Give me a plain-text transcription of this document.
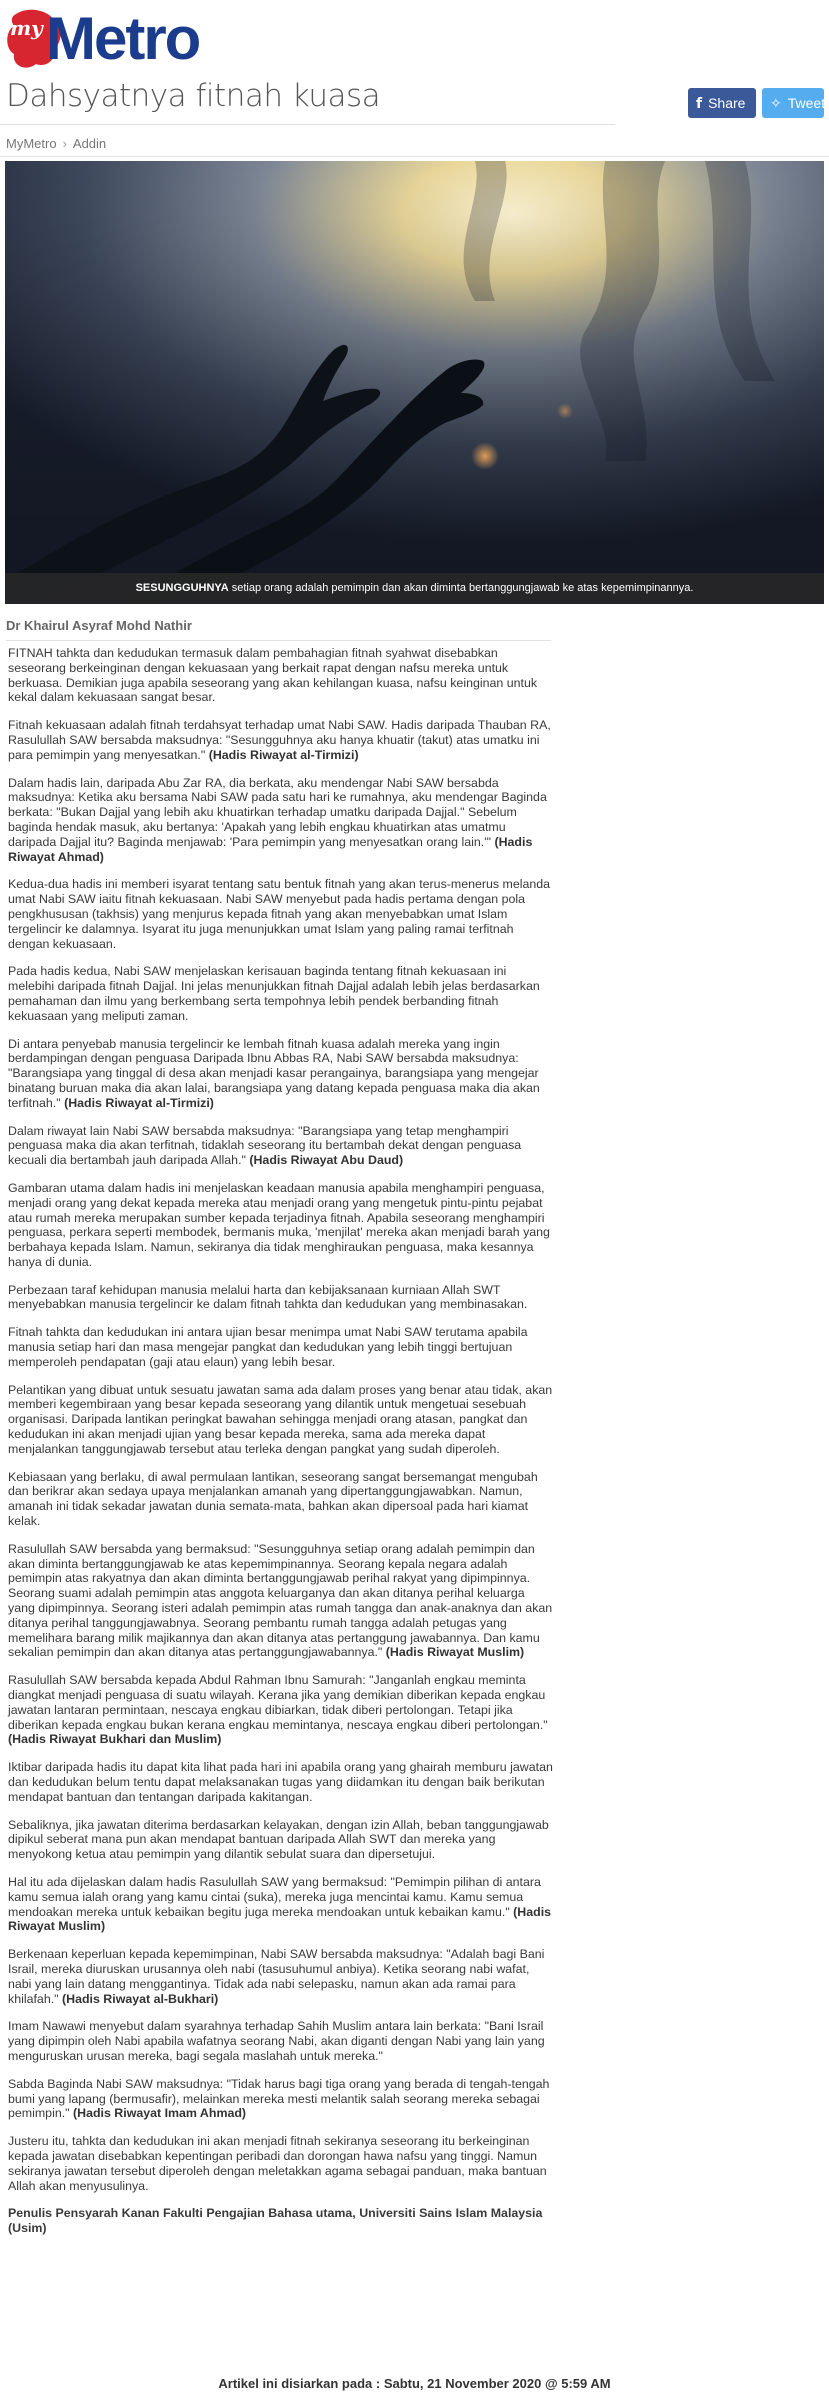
my Metro
Dahsyatnya fitnah kuasa	f Share	✧ Tweet
MyMetro › Addin
SESUNGGUHNYA setiap orang adalah pemimpin dan akan diminta bertanggungjawab ke atas kepemimpinannya.
Dr Khairul Asyraf Mohd Nathir

FITNAH tahkta dan kedudukan termasuk dalam pembahagian fitnah syahwat disebabkan seseorang berkeinginan dengan kekuasaan yang berkait rapat dengan nafsu mereka untuk berkuasa. Demikian juga apabila seseorang yang akan kehilangan kuasa, nafsu keinginan untuk kekal dalam kekuasaan sangat besar.

Fitnah kekuasaan adalah fitnah terdahsyat terhadap umat Nabi SAW. Hadis daripada Thauban RA, Rasulullah SAW bersabda maksudnya: "Sesungguhnya aku hanya khuatir (takut) atas umatku ini para pemimpin yang menyesatkan." (Hadis Riwayat al-Tirmizi)

Dalam hadis lain, daripada Abu Zar RA, dia berkata, aku mendengar Nabi SAW bersabda maksudnya: Ketika aku bersama Nabi SAW pada satu hari ke rumahnya, aku mendengar Baginda berkata: "Bukan Dajjal yang lebih aku khuatirkan terhadap umatku daripada Dajjal." Sebelum baginda hendak masuk, aku bertanya: 'Apakah yang lebih engkau khuatirkan atas umatmu daripada Dajjal itu? Baginda menjawab: 'Para pemimpin yang menyesatkan orang lain.'" (Hadis Riwayat Ahmad)

Kedua-dua hadis ini memberi isyarat tentang satu bentuk fitnah yang akan terus-menerus melanda umat Nabi SAW iaitu fitnah kekuasaan. Nabi SAW menyebut pada hadis pertama dengan pola pengkhususan (takhsis) yang menjurus kepada fitnah yang akan menyebabkan umat Islam tergelincir ke dalamnya. Isyarat itu juga menunjukkan umat Islam yang paling ramai terfitnah dengan kekuasaan.

Pada hadis kedua, Nabi SAW menjelaskan kerisauan baginda tentang fitnah kekuasaan ini melebihi daripada fitnah Dajjal. Ini jelas menunjukkan fitnah Dajjal adalah lebih jelas berdasarkan pemahaman dan ilmu yang berkembang serta tempohnya lebih pendek berbanding fitnah kekuasaan yang meliputi zaman.

Di antara penyebab manusia tergelincir ke lembah fitnah kuasa adalah mereka yang ingin berdampingan dengan penguasa Daripada Ibnu Abbas RA, Nabi SAW bersabda maksudnya: "Barangsiapa yang tinggal di desa akan menjadi kasar perangainya, barangsiapa yang mengejar binatang buruan maka dia akan lalai, barangsiapa yang datang kepada penguasa maka dia akan terfitnah." (Hadis Riwayat al-Tirmizi)

Dalam riwayat lain Nabi SAW bersabda maksudnya: "Barangsiapa yang tetap menghampiri penguasa maka dia akan terfitnah, tidaklah seseorang itu bertambah dekat dengan penguasa kecuali dia bertambah jauh daripada Allah." (Hadis Riwayat Abu Daud)

Gambaran utama dalam hadis ini menjelaskan keadaan manusia apabila menghampiri penguasa, menjadi orang yang dekat kepada mereka atau menjadi orang yang mengetuk pintu-pintu pejabat atau rumah mereka merupakan sumber kepada terjadinya fitnah. Apabila seseorang menghampiri penguasa, perkara seperti membodek, bermanis muka, 'menjilat' mereka akan menjadi barah yang berbahaya kepada Islam. Namun, sekiranya dia tidak menghiraukan penguasa, maka kesannya hanya di dunia.

Perbezaan taraf kehidupan manusia melalui harta dan kebijaksanaan kurniaan Allah SWT menyebabkan manusia tergelincir ke dalam fitnah tahkta dan kedudukan yang membinasakan.

Fitnah tahkta dan kedudukan ini antara ujian besar menimpa umat Nabi SAW terutama apabila manusia setiap hari dan masa mengejar pangkat dan kedudukan yang lebih tinggi bertujuan memperoleh pendapatan (gaji atau elaun) yang lebih besar.

Pelantikan yang dibuat untuk sesuatu jawatan sama ada dalam proses yang benar atau tidak, akan memberi kegembiraan yang besar kepada seseorang yang dilantik untuk mengetuai sesebuah organisasi. Daripada lantikan peringkat bawahan sehingga menjadi orang atasan, pangkat dan kedudukan ini akan menjadi ujian yang besar kepada mereka, sama ada mereka dapat menjalankan tanggungjawab tersebut atau terleka dengan pangkat yang sudah diperoleh.

Kebiasaan yang berlaku, di awal permulaan lantikan, seseorang sangat bersemangat mengubah dan berikrar akan sedaya upaya menjalankan amanah yang dipertanggungjawabkan. Namun, amanah ini tidak sekadar jawatan dunia semata-mata, bahkan akan dipersoal pada hari kiamat kelak.

Rasulullah SAW bersabda yang bermaksud: "Sesungguhnya setiap orang adalah pemimpin dan akan diminta bertanggungjawab ke atas kepemimpinannya. Seorang kepala negara adalah pemimpin atas rakyatnya dan akan diminta bertanggungjawab perihal rakyat yang dipimpinnya. Seorang suami adalah pemimpin atas anggota keluarganya dan akan ditanya perihal keluarga yang dipimpinnya. Seorang isteri adalah pemimpin atas rumah tangga dan anak-anaknya dan akan ditanya perihal tanggungjawabnya. Seorang pembantu rumah tangga adalah petugas yang memelihara barang milik majikannya dan akan ditanya atas pertanggung jawabannya. Dan kamu sekalian pemimpin dan akan ditanya atas pertanggungjawabannya." (Hadis Riwayat Muslim)

Rasulullah SAW bersabda kepada Abdul Rahman Ibnu Samurah: "Janganlah engkau meminta diangkat menjadi penguasa di suatu wilayah. Kerana jika yang demikian diberikan kepada engkau jawatan lantaran permintaan, nescaya engkau dibiarkan, tidak diberi pertolongan. Tetapi jika diberikan kepada engkau bukan kerana engkau memintanya, nescaya engkau diberi pertolongan." (Hadis Riwayat Bukhari dan Muslim)

Iktibar daripada hadis itu dapat kita lihat pada hari ini apabila orang yang ghairah memburu jawatan dan kedudukan belum tentu dapat melaksanakan tugas yang diidamkan itu dengan baik berikutan mendapat bantuan dan tentangan daripada kakitangan.

Sebaliknya, jika jawatan diterima berdasarkan kelayakan, dengan izin Allah, beban tanggungjawab dipikul seberat mana pun akan mendapat bantuan daripada Allah SWT dan mereka yang menyokong ketua atau pemimpin yang dilantik sebulat suara dan dipersetujui.

Hal itu ada dijelaskan dalam hadis Rasulullah SAW yang bermaksud: "Pemimpin pilihan di antara kamu semua ialah orang yang kamu cintai (suka), mereka juga mencintai kamu. Kamu semua mendoakan mereka untuk kebaikan begitu juga mereka mendoakan untuk kebaikan kamu." (Hadis Riwayat Muslim)

Berkenaan keperluan kepada kepemimpinan, Nabi SAW bersabda maksudnya: "Adalah bagi Bani Israil, mereka diuruskan urusannya oleh nabi (tasusuhumul anbiya). Ketika seorang nabi wafat, nabi yang lain datang menggantinya. Tidak ada nabi selepasku, namun akan ada ramai para khilafah." (Hadis Riwayat al-Bukhari)

Imam Nawawi menyebut dalam syarahnya terhadap Sahih Muslim antara lain berkata: "Bani Israil yang dipimpin oleh Nabi apabila wafatnya seorang Nabi, akan diganti dengan Nabi yang lain yang menguruskan urusan mereka, bagi segala maslahah untuk mereka."

Sabda Baginda Nabi SAW maksudnya: "Tidak harus bagi tiga orang yang berada di tengah-tengah bumi yang lapang (bermusafir), melainkan mereka mesti melantik salah seorang mereka sebagai pemimpin." (Hadis Riwayat Imam Ahmad)

Justeru itu, tahkta dan kedudukan ini akan menjadi fitnah sekiranya seseorang itu berkeinginan kepada jawatan disebabkan kepentingan peribadi dan dorongan hawa nafsu yang tinggi. Namun sekiranya jawatan tersebut diperoleh dengan meletakkan agama sebagai panduan, maka bantuan Allah akan menyusulinya.

Penulis Pensyarah Kanan Fakulti Pengajian Bahasa utama, Universiti Sains Islam Malaysia (Usim)

Artikel ini disiarkan pada : Sabtu, 21 November 2020 @ 5:59 AM
